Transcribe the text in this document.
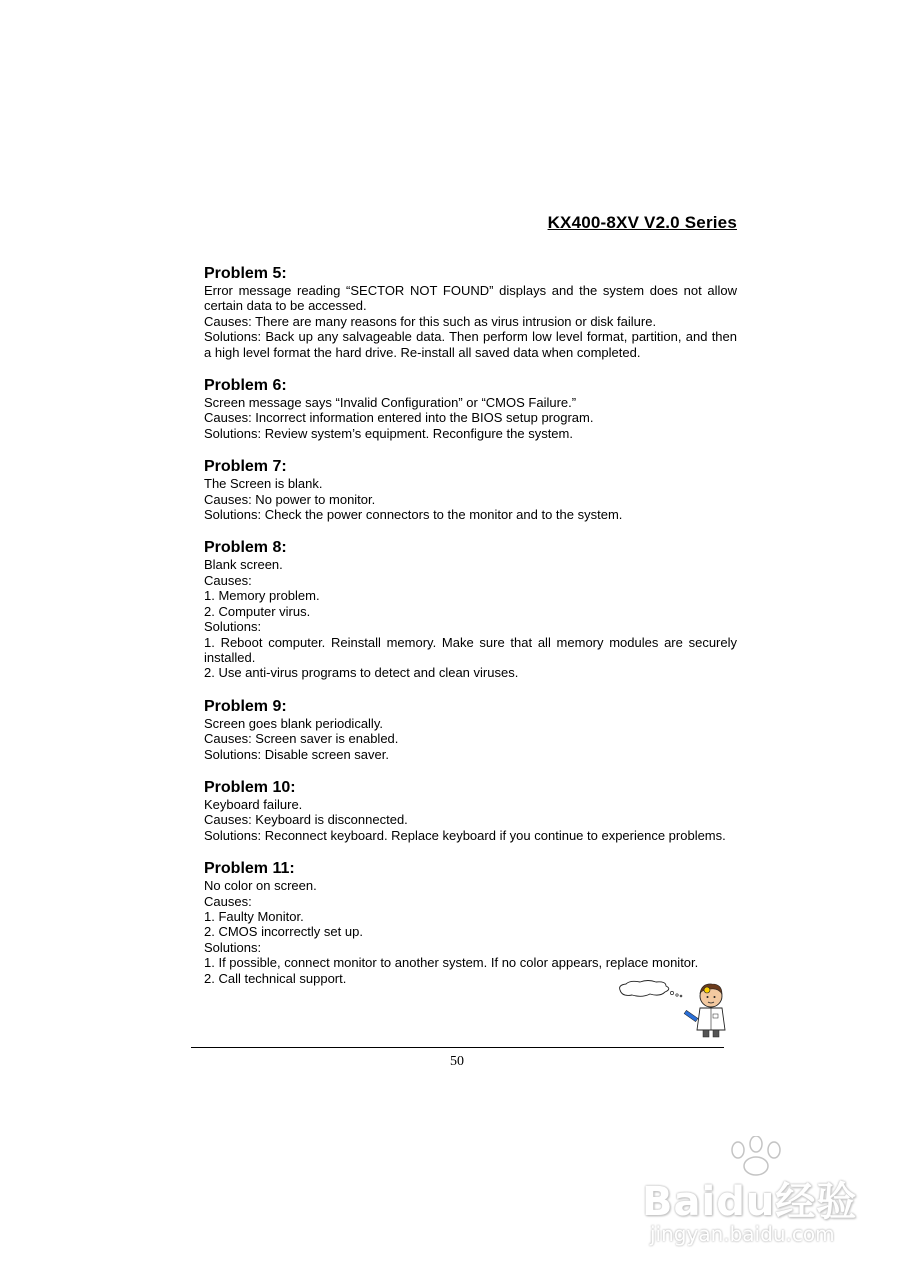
KX400-8XV V2.0 Series
Problem 5:

Error message reading “SECTOR NOT FOUND” displays and the system does not allow certain data to be accessed.

Causes: There are many reasons for this such as virus intrusion or disk failure.

Solutions: Back up any salvageable data. Then perform low level format, partition, and then a high level format the hard drive. Re-install all saved data when completed.

Problem 6:

Screen message says “Invalid Configuration” or “CMOS Failure.”

Causes: Incorrect information entered into the BIOS setup program.

Solutions: Review system’s equipment. Reconfigure the system.

Problem 7:

The Screen is blank.

Causes: No power to monitor.

Solutions: Check the power connectors to the monitor and to the system.

Problem 8:

Blank screen.

Causes:

1. Memory problem.

2. Computer virus.

Solutions:

1. Reboot computer. Reinstall memory. Make sure that all memory modules are securely installed.

2. Use anti-virus programs to detect and clean viruses.

Problem 9:

Screen goes blank periodically.

Causes: Screen saver is enabled.

Solutions: Disable screen saver.

Problem 10:

Keyboard failure.

Causes: Keyboard is disconnected.

Solutions: Reconnect keyboard. Replace keyboard if you continue to experience problems.

Problem 11:

No color on screen.

Causes:

1. Faulty Monitor.

2. CMOS incorrectly set up.

Solutions:

1. If possible, connect monitor to another system. If no color appears, replace monitor.

2. Call technical support.

50
Baidu经验
jingyan.baidu.com
